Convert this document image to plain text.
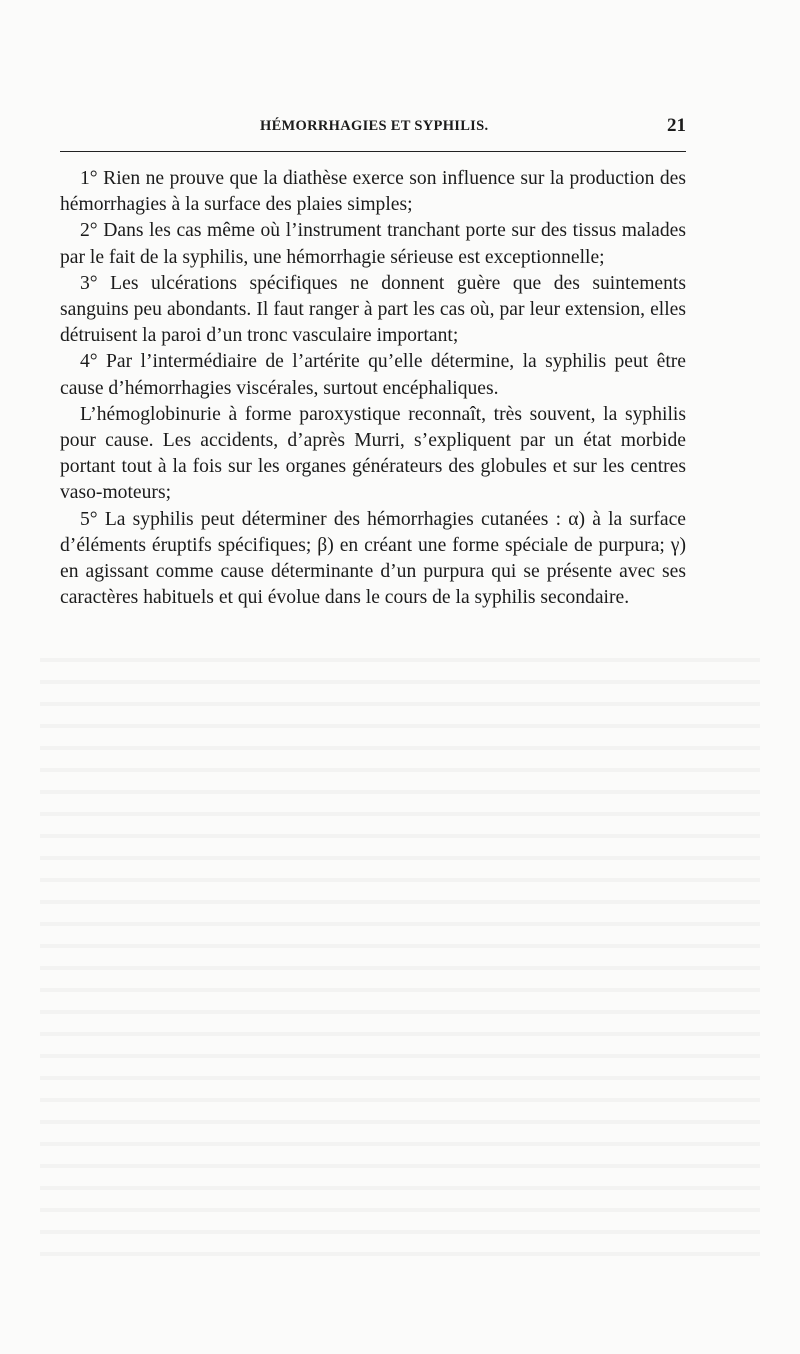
HÉMORRHAGIES ET SYPHILIS.	21

1° Rien ne prouve que la diathèse exerce son influence sur la production des hémorrhagies à la surface des plaies simples;

2° Dans les cas même où l’instrument tranchant porte sur des tissus malades par le fait de la syphilis, une hémorrhagie sérieuse est exceptionnelle;

3° Les ulcérations spécifiques ne donnent guère que des suintements sanguins peu abondants. Il faut ranger à part les cas où, par leur extension, elles détruisent la paroi d’un tronc vasculaire important;

4° Par l’intermédiaire de l’artérite qu’elle détermine, la syphilis peut être cause d’hémorrhagies viscérales, surtout encéphaliques.

L’hémoglobinurie à forme paroxystique reconnaît, très souvent, la syphilis pour cause. Les accidents, d’après Murri, s’expliquent par un état morbide portant tout à la fois sur les organes générateurs des globules et sur les centres vaso-moteurs;

5° La syphilis peut déterminer des hémorrhagies cutanées : α) à la surface d’éléments éruptifs spécifiques; β) en créant une forme spéciale de purpura; γ) en agissant comme cause déterminante d’un purpura qui se présente avec ses caractères habituels et qui évolue dans le cours de la syphilis secondaire.
